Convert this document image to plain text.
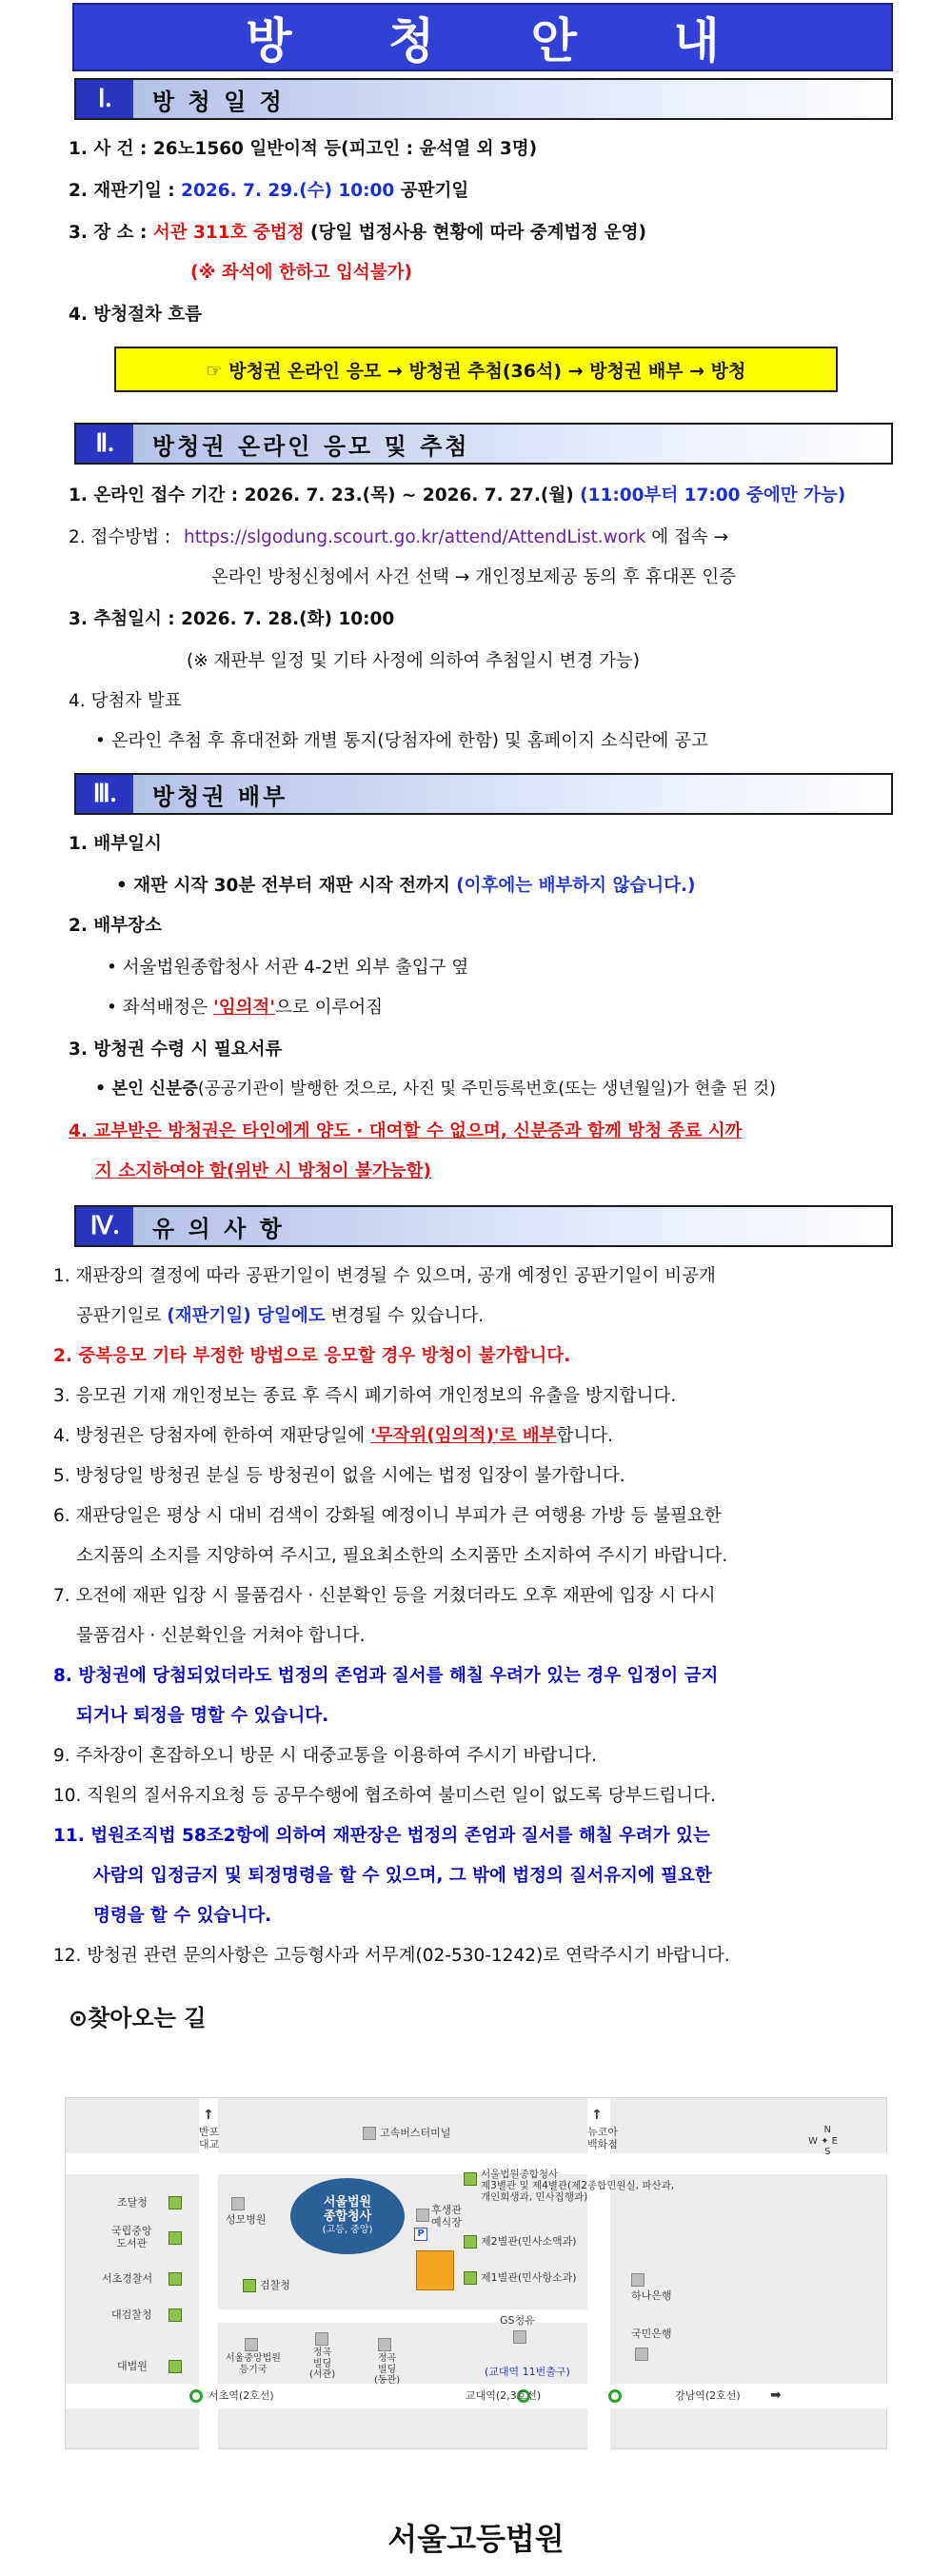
방 청 안 내
Ⅰ.	방 청 일 정
1. 사 건 : 26노1560 일반이적 등(피고인 : 윤석열 외 3명)
2. 재판기일 : 2026. 7. 29.(수) 10:00 공판기일
3. 장 소 : 서관 311호 중법정 (당일 법정사용 현황에 따라 중계법정 운영)
(※ 좌석에 한하고 입석불가)
4. 방청절차 흐름
☞ 방청권 온라인 응모 → 방청권 추첨(36석) → 방청권 배부 → 방청
Ⅱ.	방청권 온라인 응모 및 추첨
1. 온라인 접수 기간 : 2026. 7. 23.(목) ~ 2026. 7. 27.(월) (11:00부터 17:00 중에만 가능)
2. 접수방법 : https://slgodung.scourt.go.kr/attend/AttendList.work 에 접속 →
온라인 방청신청에서 사건 선택 → 개인정보제공 동의 후 휴대폰 인증
3. 추첨일시 : 2026. 7. 28.(화) 10:00
(※ 재판부 일정 및 기타 사정에 의하여 추첨일시 변경 가능)
4. 당첨자 발표
• 온라인 추첨 후 휴대전화 개별 통지(당첨자에 한함) 및 홈페이지 소식란에 공고
Ⅲ.	방청권 배부
1. 배부일시
• 재판 시작 30분 전부터 재판 시작 전까지 (이후에는 배부하지 않습니다.)
2. 배부장소
• 서울법원종합청사 서관 4-2번 외부 출입구 옆
• 좌석배정은 '임의적'으로 이루어짐
3. 방청권 수령 시 필요서류
• 본인 신분증(공공기관이 발행한 것으로, 사진 및 주민등록번호(또는 생년월일)가 현출 된 것)
4. 교부받은 방청권은 타인에게 양도 · 대여할 수 없으며, 신분증과 함께 방청 종료 시까
지 소지하여야 함(위반 시 방청이 불가능함)
Ⅳ.	유 의 사 항
1. 재판장의 결정에 따라 공판기일이 변경될 수 있으며, 공개 예정인 공판기일이 비공개
공판기일로 (재판기일) 당일에도 변경될 수 있습니다.
2. 중복응모 기타 부정한 방법으로 응모할 경우 방청이 불가합니다.
3. 응모권 기재 개인정보는 종료 후 즉시 폐기하여 개인정보의 유출을 방지합니다.
4. 방청권은 당첨자에 한하여 재판당일에 '무작위(임의적)'로 배부합니다.
5. 방청당일 방청권 분실 등 방청권이 없을 시에는 법정 입장이 불가합니다.
6. 재판당일은 평상 시 대비 검색이 강화될 예정이니 부피가 큰 여행용 가방 등 불필요한
소지품의 소지를 지양하여 주시고, 필요최소한의 소지품만 소지하여 주시기 바랍니다.
7. 오전에 재판 입장 시 물품검사 · 신분확인 등을 거쳤더라도 오후 재판에 입장 시 다시
물품검사 · 신분확인을 거쳐야 합니다.
8. 방청권에 당첨되었더라도 법정의 존엄과 질서를 해칠 우려가 있는 경우 입정이 금지
되거나 퇴정을 명할 수 있습니다.
9. 주차장이 혼잡하오니 방문 시 대중교통을 이용하여 주시기 바랍니다.
10. 직원의 질서유지요청 등 공무수행에 협조하여 불미스런 일이 없도록 당부드립니다.
11. 법원조직법 58조2항에 의하여 재판장은 법정의 존엄과 질서를 해칠 우려가 있는
사람의 입정금지 및 퇴정명령을 할 수 있으며, 그 밖에 법정의 질서유지에 필요한
명령을 할 수 있습니다.
12. 방청권 관련 문의사항은 고등형사과 서무계(02-530-1242)로 연락주시기 바랍니다.
⊙찾아오는 길
↑	↑
반포
대교
뉴코아
백화점
고속버스터미널	N
W ✦ E
S
조달청
국립중앙
도서관
서초경찰서
대검찰청
대법원
성모병원
검찰청
서울법원
종합청사
(고등, 중앙)
후생관
예식장
P
서울법원종합청사
제3별관 및 제4별관(제2종합민원실, 파산과,
개인회생과, 민사집행과)
제2별관(민사소액과)
제1별관(민사항소과)
서울중앙법원
등기국
정곡
빌딩
(서관)
정곡
빌딩
(동관)
GS청유
(교대역 11번출구)
하나은행
국민은행
서초역(2호선)	교대역(2,3호선)	강남역(2호선) ➡
서울고등법원
